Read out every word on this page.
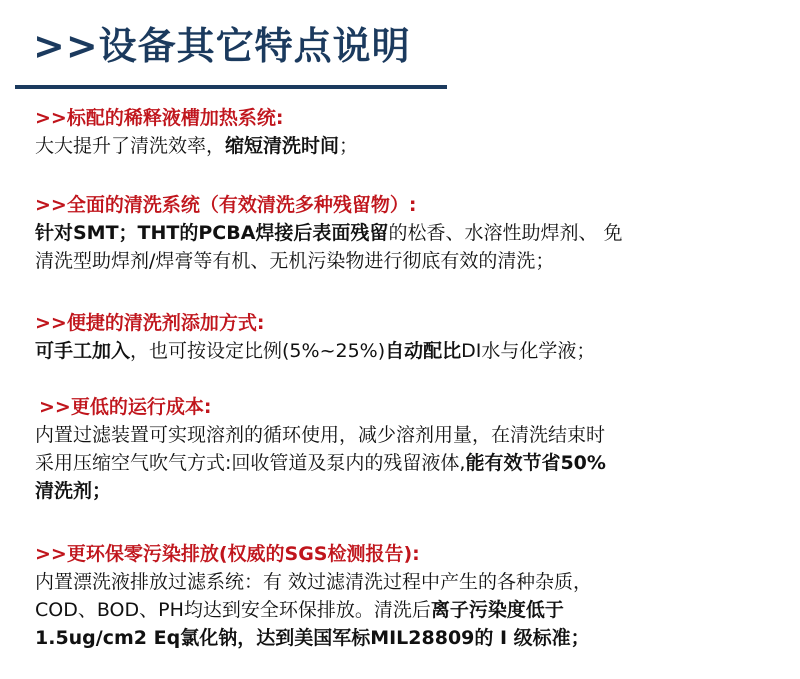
>>设备其它特点说明
>>标配的稀释液槽加热系统:
大大提升了清洗效率，缩短清洗时间；
>>全面的清洗系统（有效清洗多种残留物）:
针对SMT；THT的PCBA焊接后表面残留的松香、水溶性助焊剂、 免
清洗型助焊剂/焊膏等有机、无机污染物进行彻底有效的清洗；
>>便捷的清洗剂添加方式:
可手工加入，也可按设定比例(5%~25%)自动配比DI水与化学液；
>>更低的运行成本:
内置过滤装置可实现溶剂的循环使用，减少溶剂用量，在清洗结束时
采用压缩空气吹气方式:回收管道及泵内的残留液体,能有效节省50%
清洗剂；
>>更环保零污染排放(权威的SGS检测报告):
内置漂洗液排放过滤系统：有 效过滤清洗过程中产生的各种杂质，
COD、BOD、PH均达到安全环保排放。清洗后离子污染度低于
1.5ug/cm2 Eq氯化钠，达到美国军标MIL28809的 Ⅰ 级标准；
